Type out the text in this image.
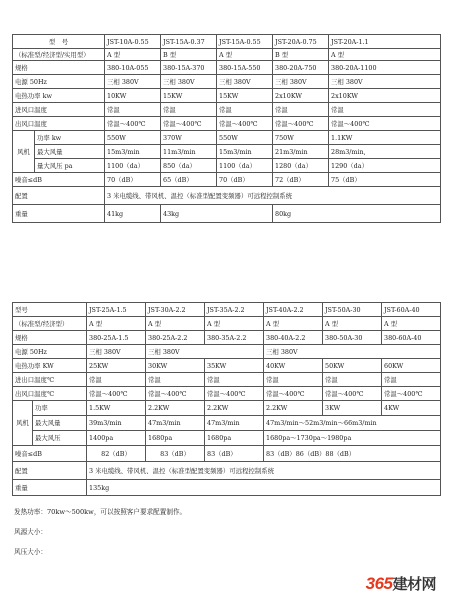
型　号		JST-10A-0.55	JST-15A-0.37	JST-15A-0.55	JST-20A-0.75	JST-20A-1.1
（标准型/经济型/实用型）		A 型	B 型	A 型	B 型	A 型
规格		380-10A-055	380-15A-370	380-15A-550	380-20A-750	380-20A-1100
电源 50Hz		三相 380V	三相 380V	三相 380V	三相 380V	三相 380V
电热功率 kw		10KW	15KW	15KW	2x10KW	2x10KW
进风口温度		常温	常温	常温	常温	常温
出风口温度		常温～400℃	常温～400℃	常温～400℃	常温～400℃	常温～400℃
风机	功率 kw	550W	370W	550W	750W	1.1KW
	最大风量	15m3/min	11m3/min	15m3/min	21m3/min	28m3/min,
	量大风压 pa	1100（da）	850（da）	1100（da）	1280（da）	1290（da）
噪音≤dB		70（dB）	65（dB）	70（dB）	72（dB）	75（dB）
配置		3 米电缆线、带风机、温控（标准型配置变频器）可远程控制系统				
重量		41kg	43kg		80kg	
型号		JST-25A-1.5	JST-30A-2.2	JST-35A-2.2	JST-40A-2.2	JST-50A-30	JST-60A-40
（标准型/经济型）		A 型	A 型	A 型	A 型	A 型	A 型
规格		380-25A-1.5	380-25A-2.2	380-35A-2.2	380-40A-2.2	380-50A-30	380-60A-40
电源 50Hz		三相 380V	三相 380V		三相 380V		
电热功率 KW		25KW	30KW	35KW	40KW	50KW	60KW
进出口温度℃		常温	常温	常温	常温	常温	常温
出风口温度℃		常温～400℃	常温～400℃	常温～400℃	常温～400℃	常温～400℃	常温～400℃
风机	功率	1.5KW	2.2KW	2.2KW	2.2KW	3KW	4KW
	最大风量	39m3/min	47m3/min	47m3/min	47m3/min～52m3/min～66m3/min		
	最大风压	1400pa	1680pa	1680pa	1680pa～1730pa～1980pa		
噪音≤dB		82（dB）	83（dB）	83（dB）	83（dB）86（dB）88（dB）		
配置		3 米电缆线、带风机、温控（标准型配置变频器）可远程控制系统					
重量		135kg					
发热功率：70kw～500kw，可以按照客户要求配置制作。
风源大小：
风压大小：
365建材网
